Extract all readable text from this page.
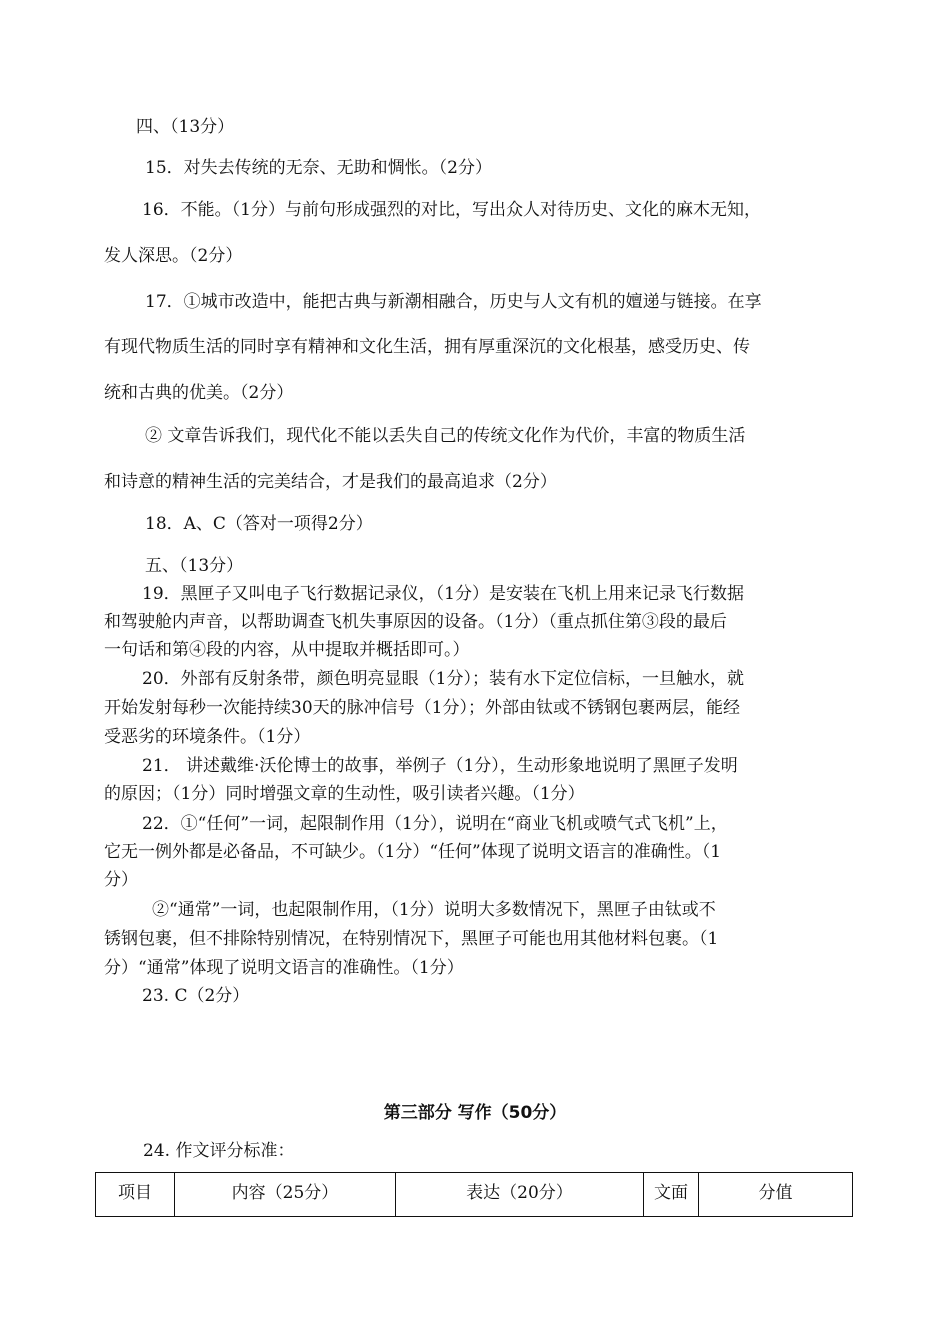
四、（13分）
15．对失去传统的无奈、无助和惆怅。（2分）
16．不能。（1分）与前句形成强烈的对比，写出众人对待历史、文化的麻木无知，
发人深思。（2分）
17．①城市改造中，能把古典与新潮相融合，历史与人文有机的嬗递与链接。在享
有现代物质生活的同时享有精神和文化生活，拥有厚重深沉的文化根基，感受历史、传
统和古典的优美。（2分）
② 文章告诉我们，现代化不能以丢失自己的传统文化作为代价，丰富的物质生活
和诗意的精神生活的完美结合，才是我们的最高追求（2分）
18．A、C（答对一项得2分）
五、（13分）
19．黑匣子又叫电子飞行数据记录仪，（1分）是安装在飞机上用来记录飞行数据
和驾驶舱内声音，以帮助调查飞机失事原因的设备。（1分）（重点抓住第③段的最后
一句话和第④段的内容，从中提取并概括即可。）
20．外部有反射条带，颜色明亮显眼（1分）；装有水下定位信标，一旦触水，就
开始发射每秒一次能持续30天的脉冲信号（1分）；外部由钛或不锈钢包裹两层，能经
受恶劣的环境条件。（1分）
21． 讲述戴维·沃伦博士的故事，举例子（1分），生动形象地说明了黑匣子发明
的原因；（1分）同时增强文章的生动性，吸引读者兴趣。（1分）
22．①“任何”一词，起限制作用（1分），说明在“商业飞机或喷气式飞机”上，
它无一例外都是必备品，不可缺少。（1分）“任何”体现了说明文语言的准确性。（1
分）
②“通常”一词，也起限制作用，（1分）说明大多数情况下，黑匣子由钛或不
锈钢包裹，但不排除特别情况，在特别情况下，黑匣子可能也用其他材料包裹。（1
分）“通常”体现了说明文语言的准确性。（1分）
23. C（2分）
第三部分 写作（50分）
24. 作文评分标准：
项目	内容（25分）	表达（20分）	文面	分值
